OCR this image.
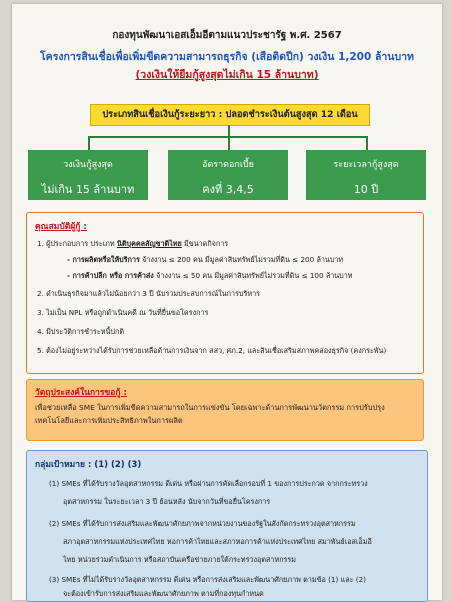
กองทุนพัฒนาเอสเอ็มอีตามแนวประชารัฐ พ.ศ. 2567
โครงการสินเชื่อเพื่อเพิ่มขีดความสามารถธุรกิจ (เสือติดปีก) วงเงิน 1,200 ล้านบาท
(วงเงินให้ยืมกู้สูงสุดไม่เกิน 15 ล้านบาท)
ประเภทสินเชื่อเงินกู้ระยะยาว : ปลอดชำระเงินต้นสูงสุด 12 เดือน
วงเงินกู้สูงสุด
ไม่เกิน 15 ล้านบาท
อัตราดอกเบี้ย
คงที่ 3,4,5
ระยะเวลากู้สูงสุด
10 ปี
คุณสมบัติผู้กู้ :
1. ผู้ประกอบการ ประเภท นิติบุคคลสัญชาติไทย มีขนาดกิจการ
- การผลิตหรือให้บริการ จ้างงาน ≤ 200 คน มีมูลค่าสินทรัพย์ไม่รวมที่ดิน ≤ 200 ล้านบาท
- การค้าปลีก หรือ การค้าส่ง จ้างงาน ≤ 50 คน มีมูลค่าสินทรัพย์ไม่รวมที่ดิน ≤ 100 ล้านบาท
2. ดำเนินธุรกิจมาแล้วไม่น้อยกว่า 3 ปี นับรวมประสบการณ์ในการบริหาร
3. ไม่เป็น NPL หรือถูกดำเนินคดี ณ วันที่ยื่นขอโครงการ
4. มีประวัติการชำระหนี้ปกติ
5. ต้องไม่อยู่ระหว่างได้รับการช่วยเหลือด้านการเงินจาก สสว, ศภ.2, และสินเชื่อเสริมสภาพคล่องธุรกิจ (คงกระพัน)
วัตถุประสงค์ในการขอกู้ :
เพื่อช่วยเหลือ SME ในการเพิ่มขีดความสามารถในการแข่งขัน โดยเฉพาะด้านการพัฒนานวัตกรรม การปรับปรุง
เทคโนโลยีและการเพิ่มประสิทธิภาพในการผลิต
กลุ่มเป้าหมาย : (1) (2) (3)
(1) SMEs ที่ได้รับรางวัลอุตสาหกรรม ดีเด่น หรือผ่านการคัดเลือกรอบที่ 1 ของการประกวด จากกระทรวง
อุตสาหกรรม ในระยะเวลา 3 ปี ย้อนหลัง นับจากวันที่ขอยื่นโครงการ
(2) SMEs ที่ได้รับการส่งเสริมและพัฒนาศักยภาพจากหน่วยงานของรัฐในสังกัดกระทรวงอุตสาหกรรม
สภาอุตสาหกรรมแห่งประเทศไทย หอการค้าไทยและสภาหอการค้าแห่งประเทศไทย สมาพันธ์เอสเอ็มอี
ไทย หน่วยร่วมดำเนินการ หรือสถาบันเครือข่ายภายใต้กระทรวงอุตสาหกรรม
(3) SMEs ที่ไม่ได้รับรางวัลอุตสาหกรรม ดีเด่น หรือการส่งเสริมและพัฒนาศักยภาพ ตามข้อ (1) และ (2)
จะต้องเข้ารับการส่งเสริมและพัฒนาศักยภาพ ตามที่กองทุนกำหนด
